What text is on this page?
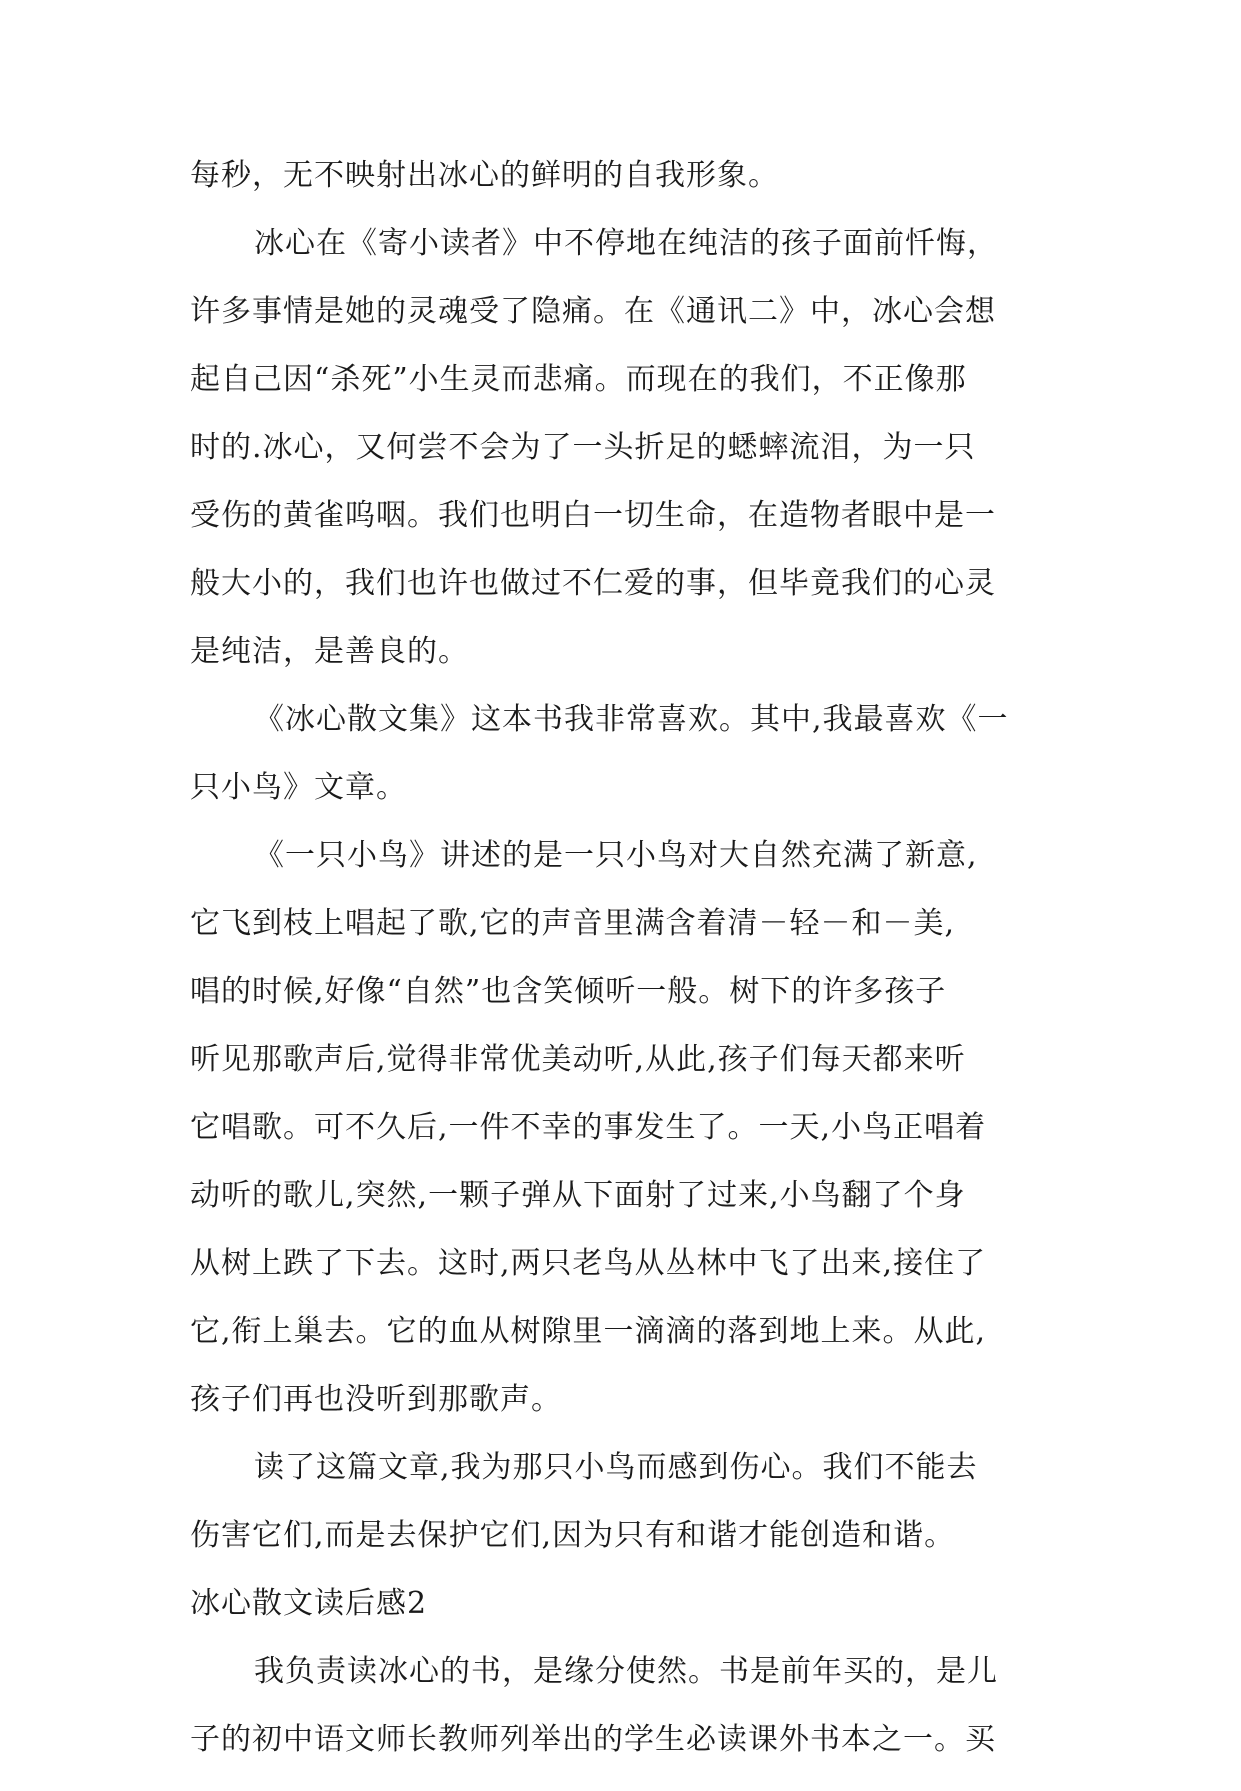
每秒，无不映射出冰心的鲜明的自我形象。
冰心在《寄小读者》中不停地在纯洁的孩子面前忏悔，
许多事情是她的灵魂受了隐痛。在《通讯二》中，冰心会想
起自己因“杀死”小生灵而悲痛。而现在的我们，不正像那
时的.冰心，又何尝不会为了一头折足的蟋蟀流泪，为一只
受伤的黄雀呜咽。我们也明白一切生命，在造物者眼中是一
般大小的，我们也许也做过不仁爱的事，但毕竟我们的心灵
是纯洁，是善良的。
《冰心散文集》这本书我非常喜欢。其中,我最喜欢《一
只小鸟》文章。
《一只小鸟》讲述的是一只小鸟对大自然充满了新意,
它飞到枝上唱起了歌,它的声音里满含着清－轻－和－美,
唱的时候,好像“自然”也含笑倾听一般。树下的许多孩子
听见那歌声后,觉得非常优美动听,从此,孩子们每天都来听
它唱歌。可不久后,一件不幸的事发生了。一天,小鸟正唱着
动听的歌儿,突然,一颗子弹从下面射了过来,小鸟翻了个身
从树上跌了下去。这时,两只老鸟从丛林中飞了出来,接住了
它,衔上巢去。它的血从树隙里一滴滴的落到地上来。从此,
孩子们再也没听到那歌声。
读了这篇文章,我为那只小鸟而感到伤心。我们不能去
伤害它们,而是去保护它们,因为只有和谐才能创造和谐。
冰心散文读后感2
我负责读冰心的书，是缘分使然。书是前年买的，是儿
子的初中语文师长教师列举出的学生必读课外书本之一。买
